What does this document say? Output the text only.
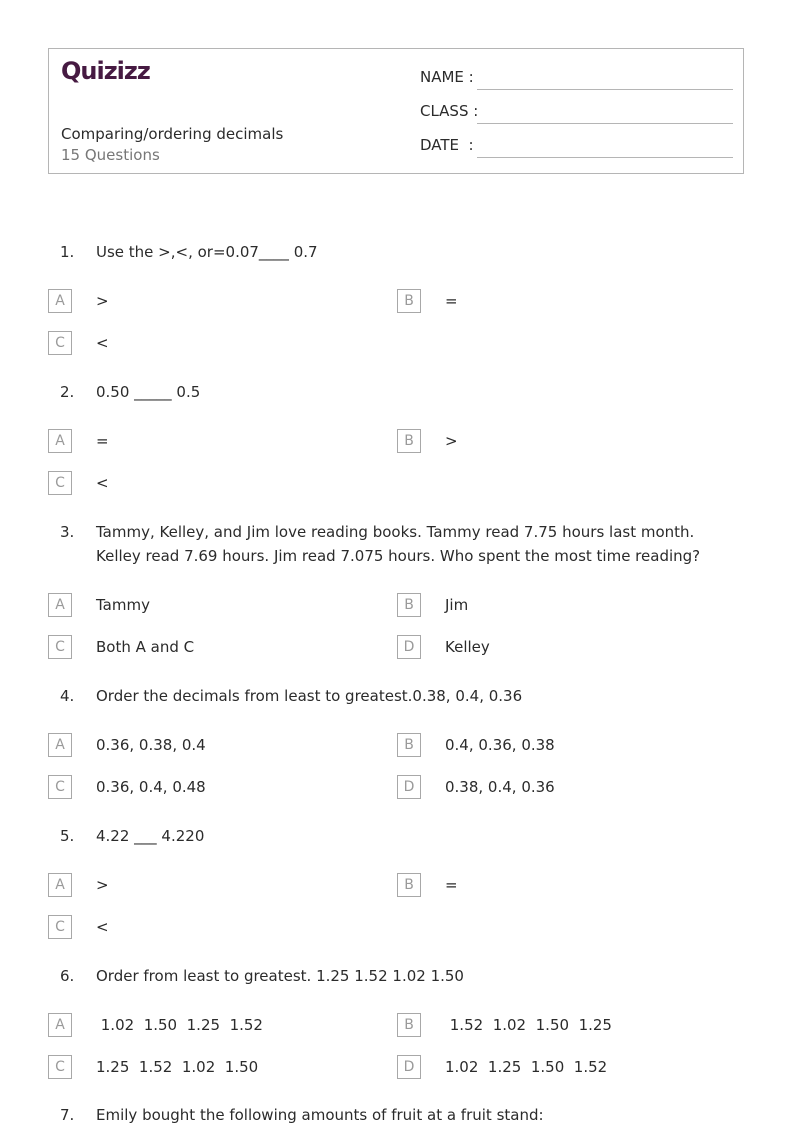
Quizizz
Comparing/ordering decimals
15 Questions
NAME :
CLASS :
DATE  :
1.	Use the >,<, or=0.07____ 0.7
A	>	B	=
C	<
2.	0.50 _____ 0.5
A	=	B	>
C	<
3.	Tammy, Kelley, and Jim love reading books. Tammy read 7.75 hours last month. Kelley read 7.69 hours. Jim read 7.075 hours. Who spent the most time reading?
A	Tammy	B	Jim
C	Both A and C	D	Kelley
4.	Order the decimals from least to greatest.0.38, 0.4, 0.36
A	0.36, 0.38, 0.4	B	0.4, 0.36, 0.38
C	0.36, 0.4, 0.48	D	0.38, 0.4, 0.36
5.	4.22 ___ 4.220
A	>	B	=
C	<
6.	Order from least to greatest. 1.25 1.52 1.02 1.50
A	1.02  1.50  1.25  1.52	B	1.52  1.02  1.50  1.25
C	1.25  1.52  1.02  1.50	D	1.02  1.25  1.50  1.52
7.	Emily bought the following amounts of fruit at a fruit stand:
